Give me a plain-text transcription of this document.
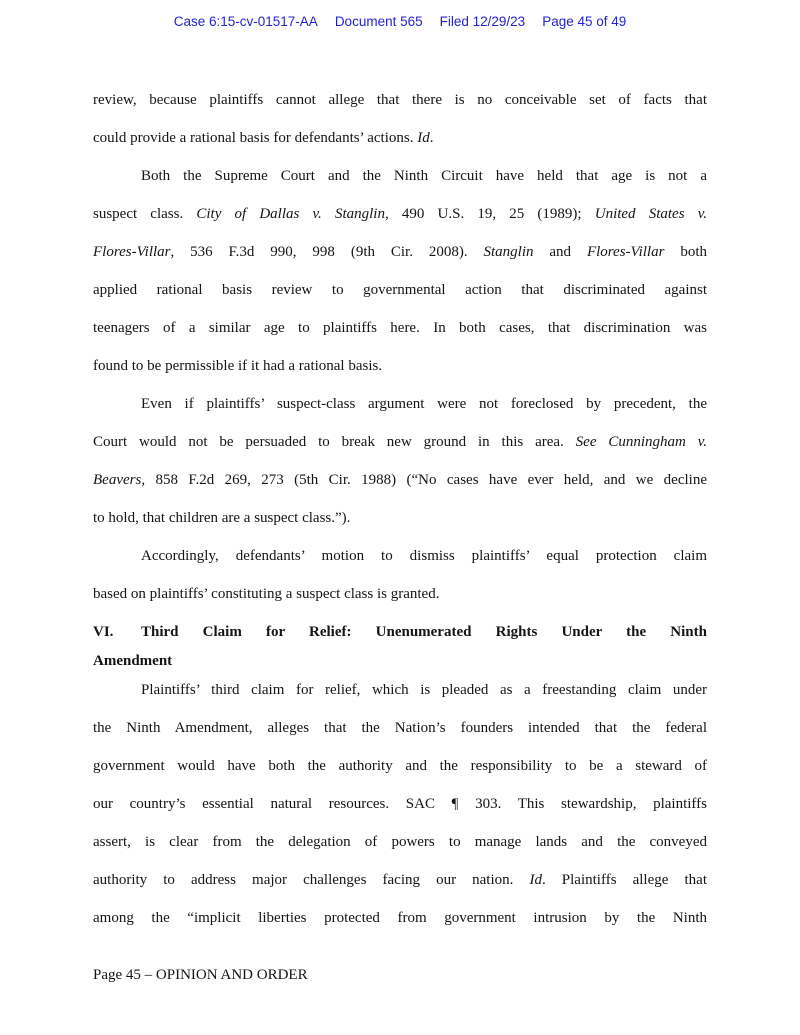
Case 6:15-cv-01517-AA Document 565 Filed 12/29/23 Page 45 of 49
review, because plaintiffs cannot allege that there is no conceivable set of facts that
could provide a rational basis for defendants’ actions. Id.
Both the Supreme Court and the Ninth Circuit have held that age is not a
suspect class. City of Dallas v. Stanglin, 490 U.S. 19, 25 (1989); United States v.
Flores-Villar, 536 F.3d 990, 998 (9th Cir. 2008). Stanglin and Flores-Villar both
applied rational basis review to governmental action that discriminated against
teenagers of a similar age to plaintiffs here. In both cases, that discrimination was
found to be permissible if it had a rational basis.
Even if plaintiffs’ suspect-class argument were not foreclosed by precedent, the
Court would not be persuaded to break new ground in this area. See Cunningham v.
Beavers, 858 F.2d 269, 273 (5th Cir. 1988) (“No cases have ever held, and we decline
to hold, that children are a suspect class.”).
Accordingly, defendants’ motion to dismiss plaintiffs’ equal protection claim
based on plaintiffs’ constituting a suspect class is granted.
VI.	Third Claim for Relief: Unenumerated Rights Under the Ninth
Amendment
Plaintiffs’ third claim for relief, which is pleaded as a freestanding claim under
the Ninth Amendment, alleges that the Nation’s founders intended that the federal
government would have both the authority and the responsibility to be a steward of
our country’s essential natural resources. SAC ¶ 303. This stewardship, plaintiffs
assert, is clear from the delegation of powers to manage lands and the conveyed
authority to address major challenges facing our nation. Id. Plaintiffs allege that
among the “implicit liberties protected from government intrusion by the Ninth
Page 45 – OPINION AND ORDER
